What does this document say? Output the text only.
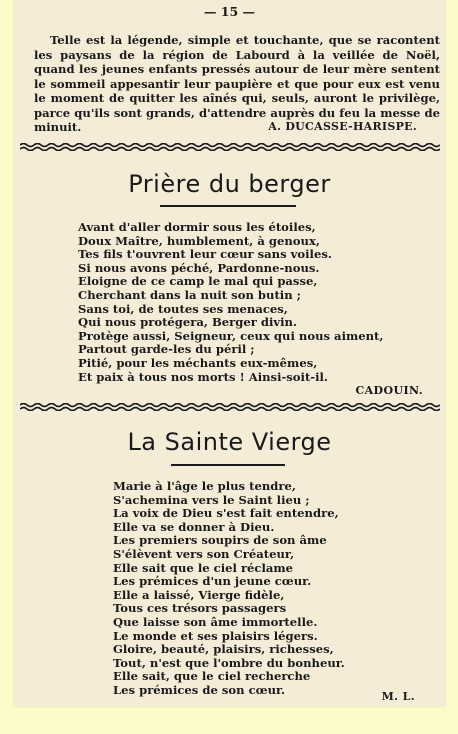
— 15 —

Telle est la légende, simple et touchante, que se racontent les paysans de la région de Labourd à la veillée de Noël, quand les jeunes enfants pressés autour de leur mère sentent le sommeil appesantir leur paupière et que pour eux est venu le moment de quitter les aînés qui, seuls, auront le privilège, parce qu'ils sont grands, d'attendre auprès du feu la messe de minuit.	A. DUCASSE-HARISPE.
Prière du berger
Avant d'aller dormir sous les étoiles,
Doux Maître, humblement, à genoux,
Tes fils t'ouvrent leur cœur sans voiles.
Si nous avons péché, Pardonne-nous.
Eloigne de ce camp le mal qui passe,
Cherchant dans la nuit son butin ;
Sans toi, de toutes ses menaces,
Qui nous protégera, Berger divin.
Protège aussi, Seigneur, ceux qui nous aiment,
Partout garde-les du péril ;
Pitié, pour les méchants eux-mêmes,
Et paix à tous nos morts ! Ainsi-soit-il.
CADOUIN.
La Sainte Vierge
Marie à l'âge le plus tendre,
S'achemina vers le Saint lieu ;
La voix de Dieu s'est fait entendre,
Elle va se donner à Dieu.
Les premiers soupirs de son âme
S'élèvent vers son Créateur,
Elle sait que le ciel réclame
Les prémices d'un jeune cœur.
Elle a laissé, Vierge fidèle,
Tous ces trésors passagers
Que laisse son âme immortelle.
Le monde et ses plaisirs légers.
Gloire, beauté, plaisirs, richesses,
Tout, n'est que l'ombre du bonheur.
Elle sait, que le ciel recherche
Les prémices de son cœur.	M. L.
